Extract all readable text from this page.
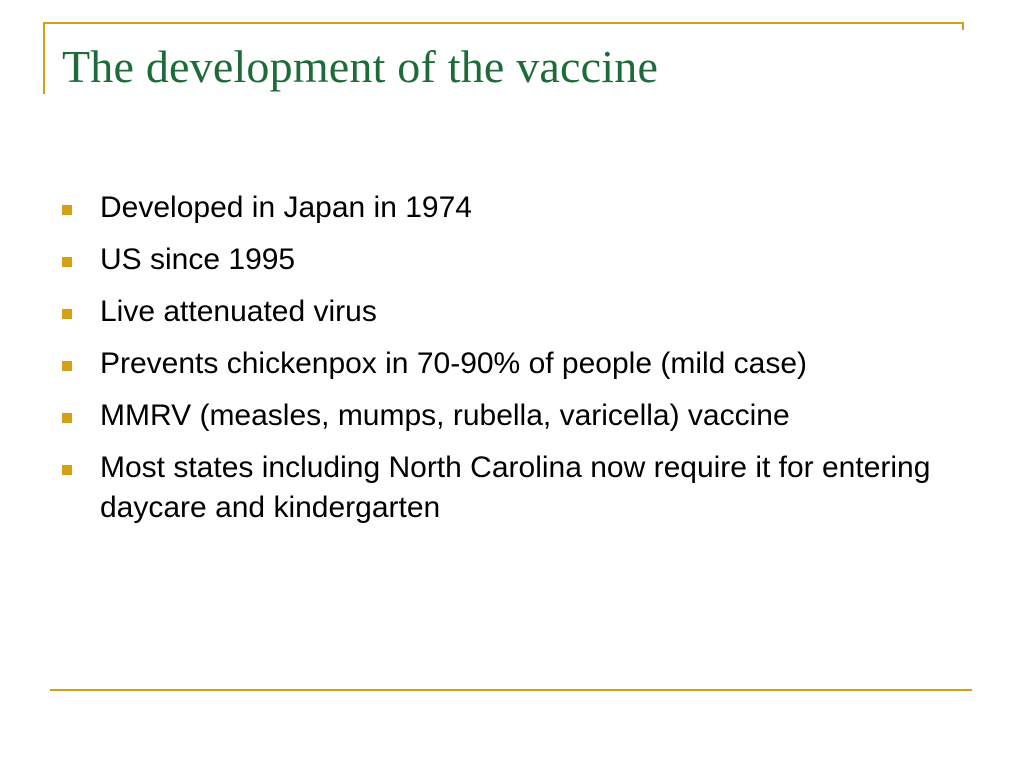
The development of the vaccine
Developed in Japan in 1974
US since 1995
Live attenuated virus
Prevents chickenpox in 70-90% of people (mild case)
MMRV (measles, mumps, rubella, varicella) vaccine
Most states including North Carolina now require it for entering daycare and kindergarten
